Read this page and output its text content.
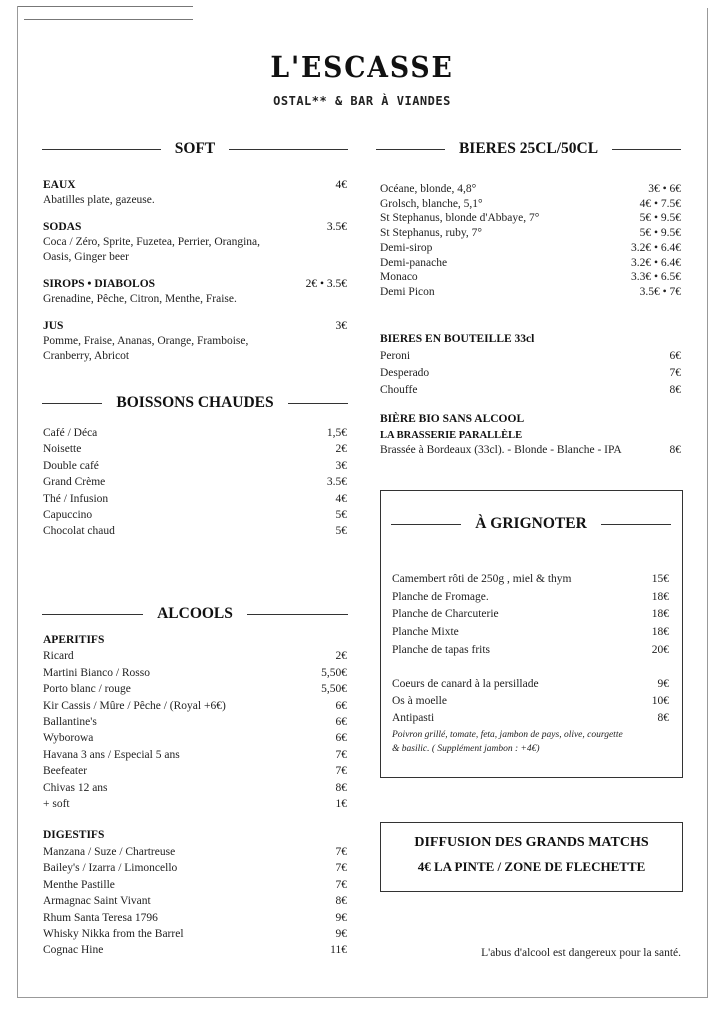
L'ESCASSE
OSTAL** & BAR À VIANDES
SOFT
BOISSONS CHAUDES
ALCOOLS
BIERES 25CL/50CL
EAUX	4€
Abatilles plate, gazeuse.
SODAS	3.5€
Coca / Zéro, Sprite, Fuzetea, Perrier, Orangina,
Oasis, Ginger beer
SIROPS • DIABOLOS	2€ • 3.5€
Grenadine, Pêche, Citron, Menthe, Fraise.
JUS	3€
Pomme, Fraise, Ananas, Orange, Framboise,
Cranberry, Abricot
Café / Déca	1,5€
Noisette	2€
Double café	3€
Grand Crème	3.5€
Thé / Infusion	4€
Capuccino	5€
Chocolat chaud	5€
APERITIFS
Ricard	2€
Martini Bianco / Rosso	5,50€
Porto blanc / rouge	5,50€
Kir Cassis / Mûre / Pêche / (Royal +6€)	6€
Ballantine's	6€
Wyborowa	6€
Havana 3 ans / Especial 5 ans	7€
Beefeater	7€
Chivas 12 ans	8€
+ soft	1€
DIGESTIFS
Manzana / Suze / Chartreuse	7€
Bailey's / Izarra / Limoncello	7€
Menthe Pastille	7€
Armagnac Saint Vivant	8€
Rhum Santa Teresa 1796	9€
Whisky Nikka from the Barrel	9€
Cognac Hine	11€
Océane, blonde, 4,8°	3€ • 6€
Grolsch, blanche, 5,1°	4€ • 7.5€
St Stephanus, blonde d'Abbaye, 7°	5€ • 9.5€
St Stephanus, ruby, 7°	5€ • 9.5€
Demi-sirop	3.2€ • 6.4€
Demi-panache	3.2€ • 6.4€
Monaco	3.3€ • 6.5€
Demi Picon	3.5€ • 7€
BIERES EN BOUTEILLE 33cl
Peroni	6€
Desperado	7€
Chouffe	8€
BIÈRE BIO SANS ALCOOL
LA BRASSERIE PARALLÈLE
Brassée à Bordeaux (33cl). - Blonde - Blanche - IPA	8€
À GRIGNOTER
Camembert rôti de 250g , miel & thym	15€
Planche de Fromage.	18€
Planche de Charcuterie	18€
Planche Mixte	18€
Planche de tapas frits	20€
Coeurs de canard à la persillade	9€
Os à moelle	10€
Antipasti	8€
Poivron grillé, tomate, feta, jambon de pays, olive, courgette
& basilic. ( Supplément jambon : +4€)
DIFFUSION DES GRANDS MATCHS
4€ LA PINTE / ZONE DE FLECHETTE
L'abus d'alcool est dangereux pour la santé.
